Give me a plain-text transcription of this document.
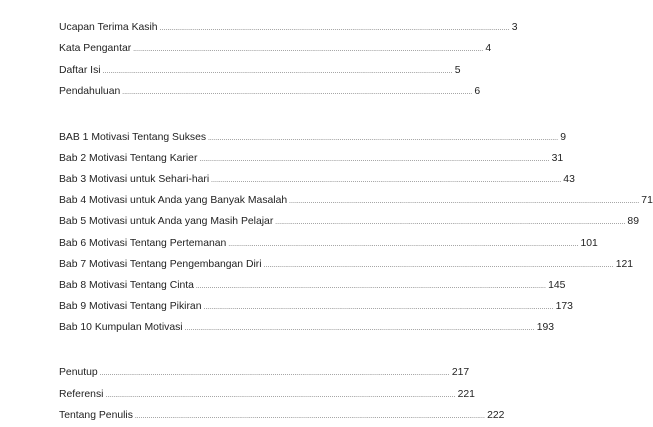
Ucapan Terima Kasih .....	3
Kata Pengantar .....	4
Daftar Isi .....	5
Pendahuluan .....	6
BAB 1 Motivasi Tentang Sukses .....	9
Bab 2 Motivasi Tentang Karier .....	31
Bab 3 Motivasi untuk Sehari-hari .....	43
Bab 4 Motivasi untuk Anda yang Banyak Masalah .....	71
Bab 5 Motivasi untuk Anda yang Masih Pelajar .....	89
Bab 6 Motivasi Tentang Pertemanan .....	101
Bab 7 Motivasi Tentang Pengembangan Diri .....	121
Bab 8 Motivasi Tentang Cinta .....	145
Bab 9 Motivasi Tentang Pikiran .....	173
Bab 10 Kumpulan Motivasi .....	193
Penutup .....	217
Referensi .....	221
Tentang Penulis .....	222
